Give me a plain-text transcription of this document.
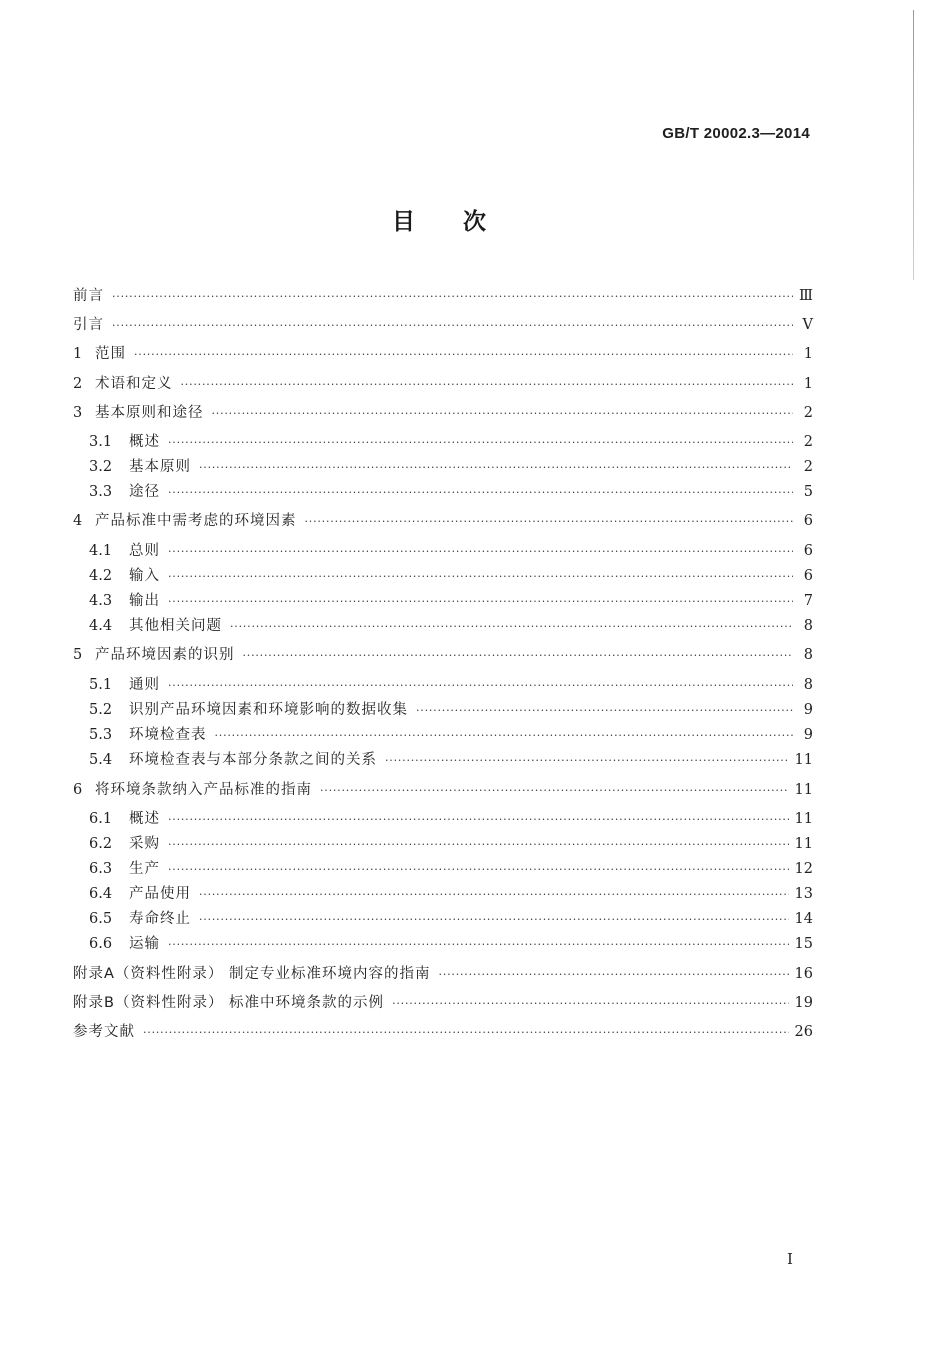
GB/T 20002.3—2014
目次
前言 ·····	Ⅲ
引言 ·····	Ⅴ
1 范围 ·····	1
2 术语和定义 ·····	1
3 基本原则和途径 ·····	2
3.1	概述 ·····	2
3.2	基本原则 ·····	2
3.3	途径 ·····	5
4 产品标准中需考虑的环境因素 ·····	6
4.1	总则 ·····	6
4.2	输入 ·····	6
4.3	输出 ·····	7
4.4	其他相关问题 ·····	8
5 产品环境因素的识别 ·····	8
5.1	通则 ·····	8
5.2	识别产品环境因素和环境影响的数据收集 ·····	9
5.3	环境检查表 ·····	9
5.4	环境检查表与本部分条款之间的关系 ·····	11
6 将环境条款纳入产品标准的指南 ·····	11
6.1	概述 ·····	11
6.2	采购 ·····	11
6.3	生产 ·····	12
6.4	产品使用 ·····	13
6.5	寿命终止 ·····	14
6.6	运输 ·····	15
附录A（资料性附录） 制定专业标准环境内容的指南 ·····	16
附录B（资料性附录） 标准中环境条款的示例 ·····	19
参考文献 ·····	26
Ⅰ
